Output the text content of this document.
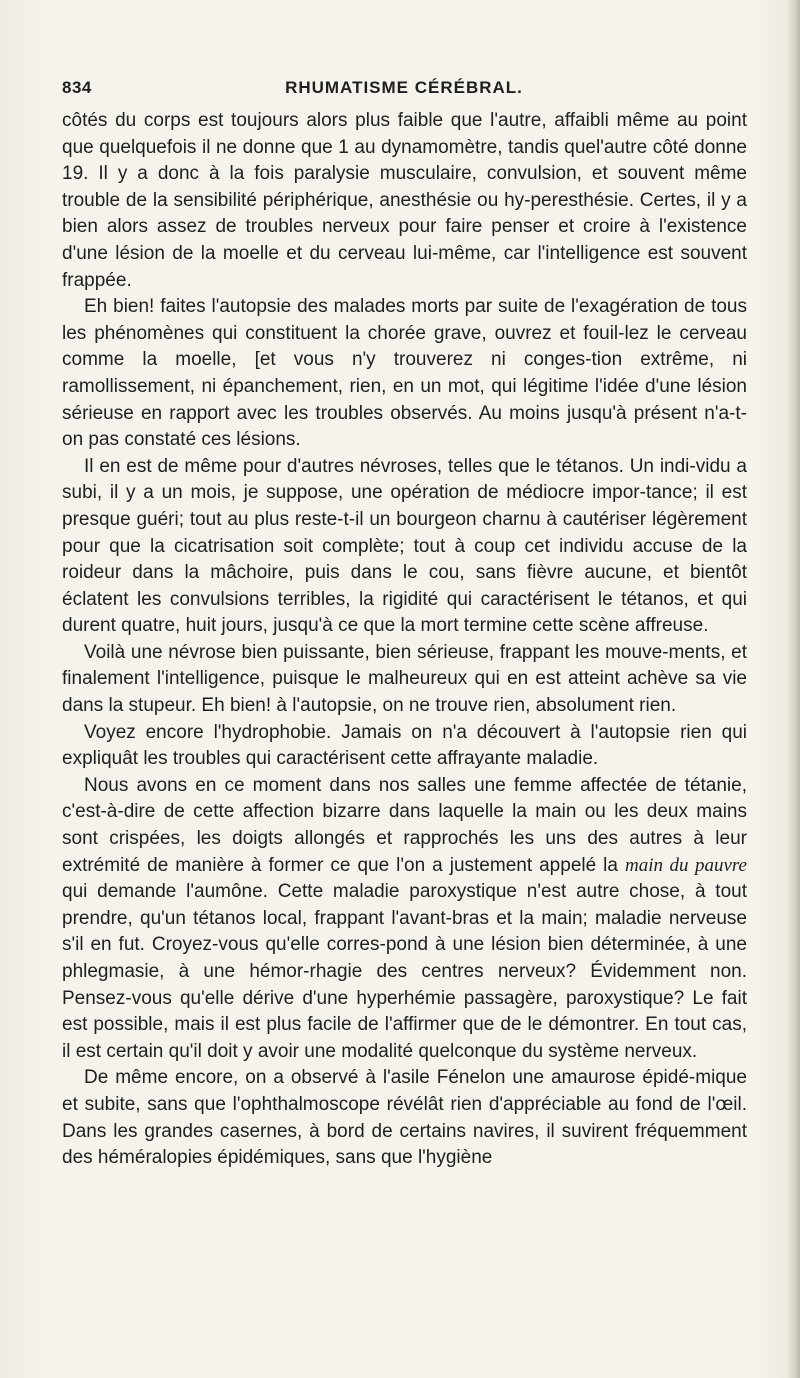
834	RHUMATISME CÉRÉBRAL.

côtés du corps est toujours alors plus faible que l'autre, affaibli même au point que quelquefois il ne donne que 1 au dynamomètre, tandis quel'autre côté donne 19. Il y a donc à la fois paralysie musculaire, convulsion, et souvent même trouble de la sensibilité périphérique, anesthésie ou hy-peresthésie. Certes, il y a bien alors assez de troubles nerveux pour faire penser et croire à l'existence d'une lésion de la moelle et du cerveau lui-même, car l'intelligence est souvent frappée.

Eh bien! faites l'autopsie des malades morts par suite de l'exagération de tous les phénomènes qui constituent la chorée grave, ouvrez et fouil-lez le cerveau comme la moelle, [et vous n'y trouverez ni conges-tion extrême, ni ramollissement, ni épanchement, rien, en un mot, qui légitime l'idée d'une lésion sérieuse en rapport avec les troubles observés. Au moins jusqu'à présent n'a-t-on pas constaté ces lésions.

Il en est de même pour d'autres névroses, telles que le tétanos. Un indi-vidu a subi, il y a un mois, je suppose, une opération de médiocre impor-tance; il est presque guéri; tout au plus reste-t-il un bourgeon charnu à cautériser légèrement pour que la cicatrisation soit complète; tout à coup cet individu accuse de la roideur dans la mâchoire, puis dans le cou, sans fièvre aucune, et bientôt éclatent les convulsions terribles, la rigidité qui caractérisent le tétanos, et qui durent quatre, huit jours, jusqu'à ce que la mort termine cette scène affreuse.

Voilà une névrose bien puissante, bien sérieuse, frappant les mouve-ments, et finalement l'intelligence, puisque le malheureux qui en est atteint achève sa vie dans la stupeur. Eh bien! à l'autopsie, on ne trouve rien, absolument rien.

Voyez encore l'hydrophobie. Jamais on n'a découvert à l'autopsie rien qui expliquât les troubles qui caractérisent cette affrayante maladie.

Nous avons en ce moment dans nos salles une femme affectée de tétanie, c'est-à-dire de cette affection bizarre dans laquelle la main ou les deux mains sont crispées, les doigts allongés et rapprochés les uns des autres à leur extrémité de manière à former ce que l'on a justement appelé la main du pauvre qui demande l'aumône. Cette maladie paroxystique n'est autre chose, à tout prendre, qu'un tétanos local, frappant l'avant-bras et la main; maladie nerveuse s'il en fut. Croyez-vous qu'elle corres-pond à une lésion bien déterminée, à une phlegmasie, à une hémor-rhagie des centres nerveux? Évidemment non. Pensez-vous qu'elle dérive d'une hyperhémie passagère, paroxystique? Le fait est possible, mais il est plus facile de l'affirmer que de le démontrer. En tout cas, il est certain qu'il doit y avoir une modalité quelconque du système nerveux.

De même encore, on a observé à l'asile Fénelon une amaurose épidé-mique et subite, sans que l'ophthalmoscope révélât rien d'appréciable au fond de l'œil. Dans les grandes casernes, à bord de certains navires, il suvirent fréquemment des héméralopies épidémiques, sans que l'hygiène
